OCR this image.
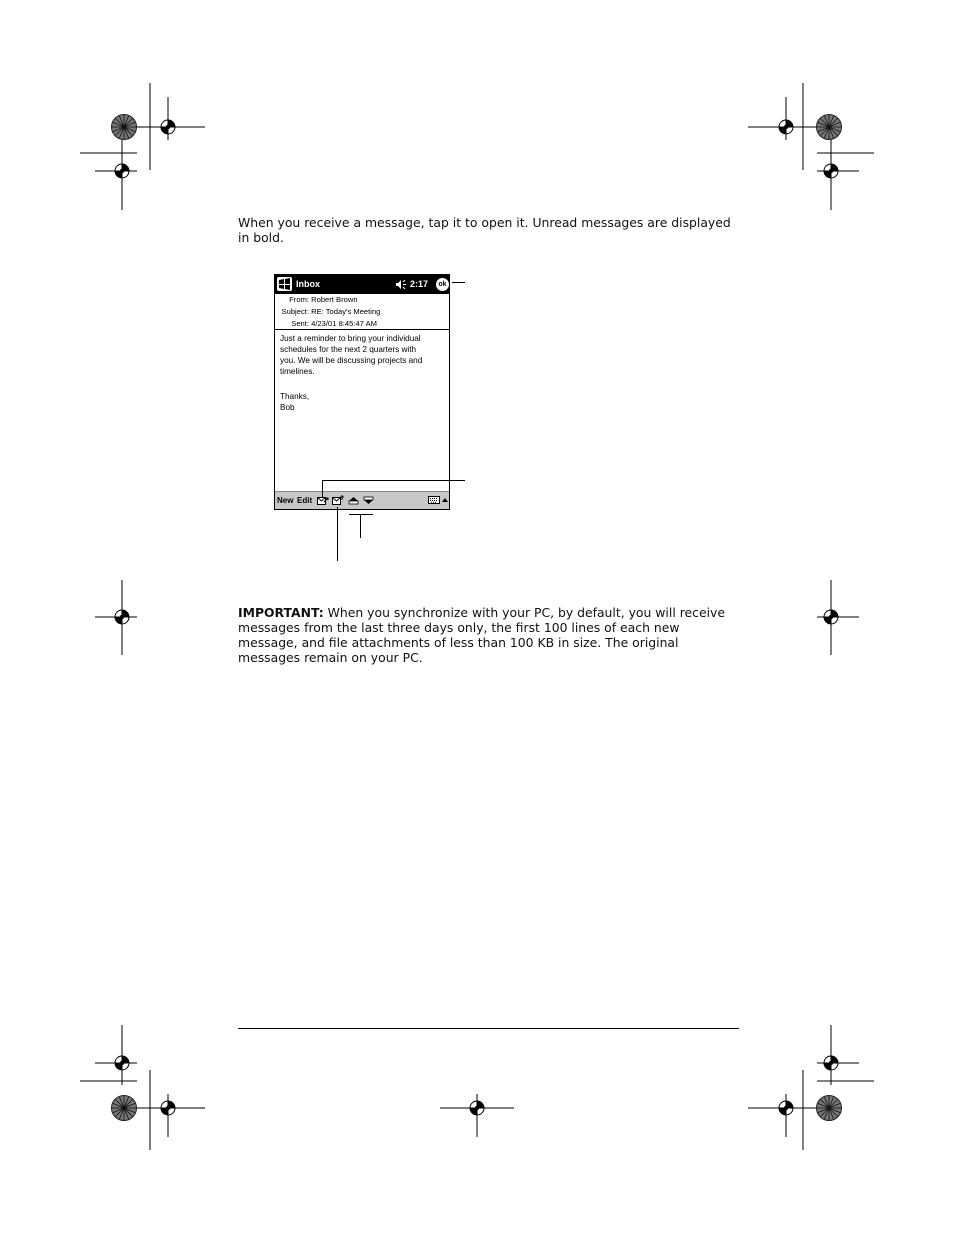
When you receive a message, tap it to open it. Unread messages are displayed
in bold.

Inbox	2:17	ok
From: Robert Brown
Subject: RE: Today's Meeting
Sent: 4/23/01 8:45:47 AM
Just a reminder to bring your individual
schedules for the next 2 quarters with
you. We will be discussing projects and
timelines.
Thanks,
Bob
New Edit

IMPORTANT: When you synchronize with your PC, by default, you will receive
messages from the last three days only, the first 100 lines of each new
message, and file attachments of less than 100 KB in size. The original
messages remain on your PC.
